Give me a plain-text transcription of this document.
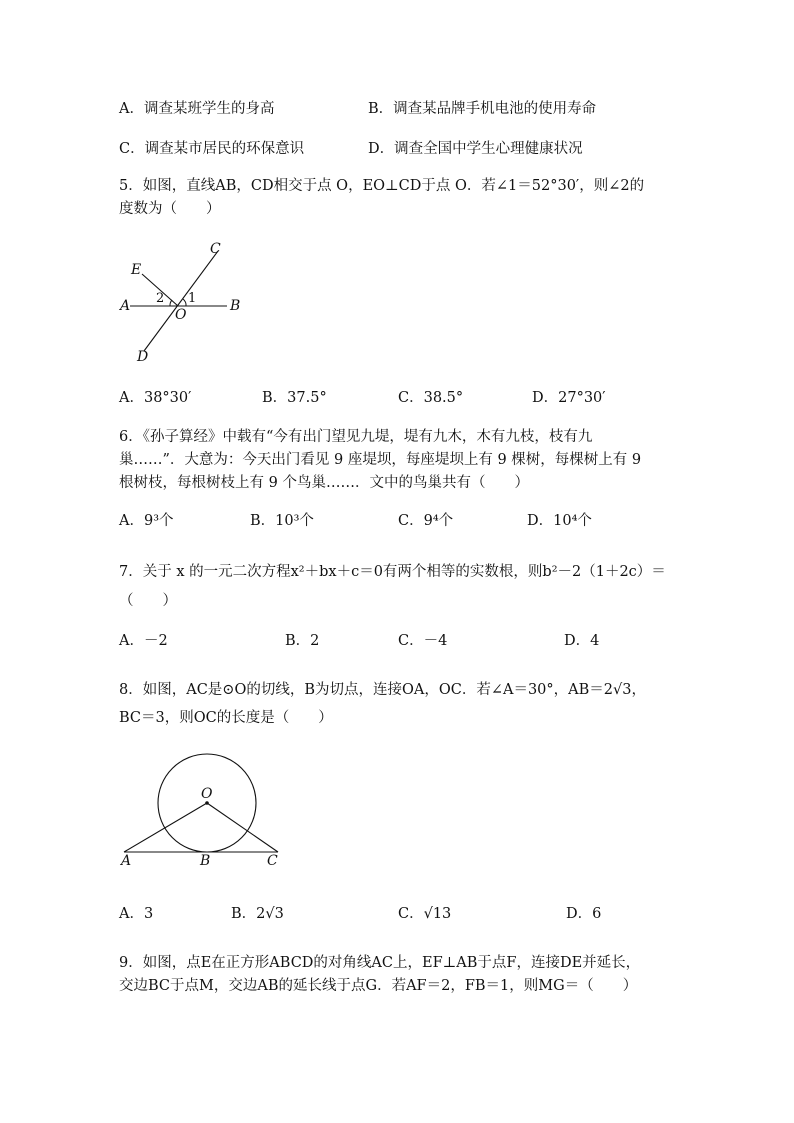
A．调查某班学生的身高	B．调查某品牌手机电池的使用寿命
C．调查某市居民的环保意识	D．调查全国中学生心理健康状况
5．如图，直线AB，CD相交于点 O，EO⊥CD于点 O．若∠1＝52°30′，则∠2的
度数为（　　）
C
E
A 2 1
O
B
D
A．38°30′	B．37.5°	C．38.5°	D．27°30′
6．《孙子算经》中载有“今有出门望见九堤，堤有九木，木有九枝，枝有九
巢……”．大意为：今天出门看见 9 座堤坝，每座堤坝上有 9 棵树，每棵树上有 9
根树枝，每根树枝上有 9 个鸟巢……．文中的鸟巢共有（　　）
A．9³个	B．10³个	C．9⁴个	D．10⁴个
7．关于 x 的一元二次方程x²＋bx＋c＝0有两个相等的实数根，则b²－2（1＋2c）＝
（　　）
A．－2	B．2	C．－4	D．4
8．如图，AC是⊙O的切线，B为切点，连接OA，OC．若∠A＝30°，AB＝2√3，
BC＝3，则OC的长度是（　　）
O
A	B	C
A．3	B．2√3	C．√13	D．6
9．如图，点E在正方形ABCD的对角线AC上，EF⊥AB于点F，连接DE并延长，
交边BC于点M，交边AB的延长线于点G．若AF＝2，FB＝1，则MG＝（　　）
